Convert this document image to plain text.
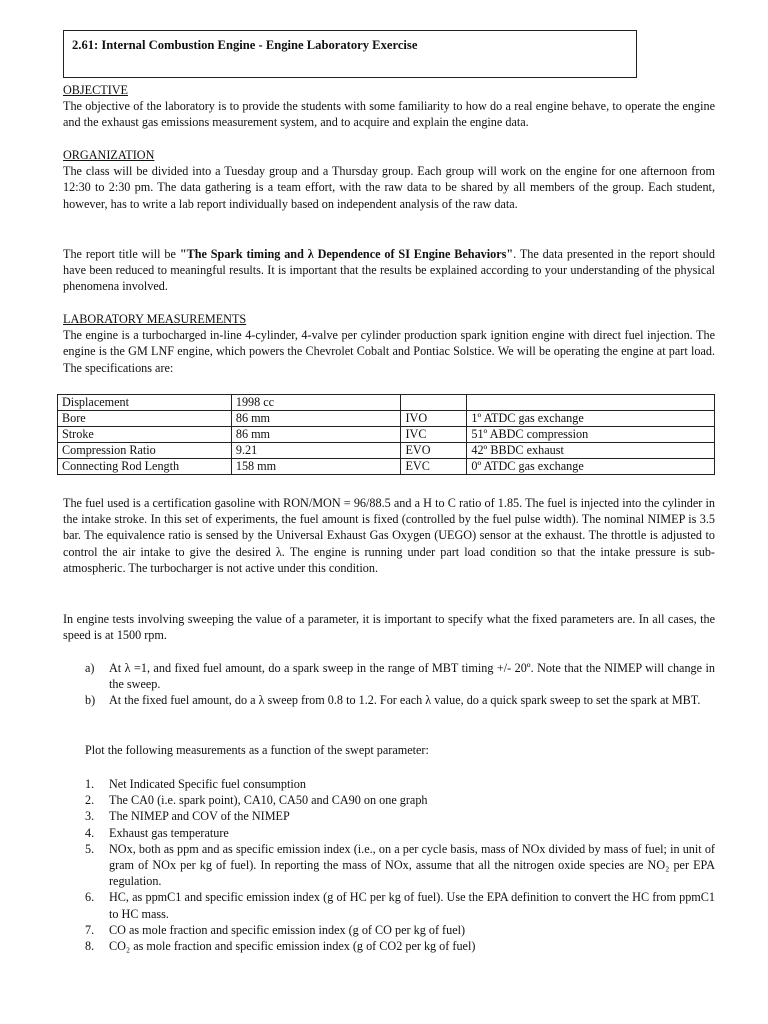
2.61: Internal Combustion Engine - Engine Laboratory Exercise
OBJECTIVE

The objective of the laboratory is to provide the students with some familiarity to how do a real engine behave, to operate the engine and the exhaust gas emissions measurement system, and to acquire and explain the engine data.

ORGANIZATION

The class will be divided into a Tuesday group and a Thursday group. Each group will work on the engine for one afternoon from 12:30 to 2:30 pm. The data gathering is a team effort, with the raw data to be shared by all members of the group. Each student, however, has to write a lab report individually based on independent analysis of the raw data.

The report title will be "The Spark timing and λ Dependence of SI Engine Behaviors". The data presented in the report should have been reduced to meaningful results. It is important that the results be explained according to your understanding of the physical phenomena involved.

LABORATORY MEASUREMENTS

The engine is a turbocharged in-line 4-cylinder, 4-valve per cylinder production spark ignition engine with direct fuel injection. The engine is the GM LNF engine, which powers the Chevrolet Cobalt and Pontiac Solstice. We will be operating the engine at part load. The specifications are:

Displacement	1998 cc		
Bore	86 mm	IVO	1º ATDC gas exchange
Stroke	86 mm	IVC	51º ABDC compression
Compression Ratio	9.21	EVO	42º BBDC exhaust
Connecting Rod Length	158 mm	EVC	0º ATDC gas exchange

The fuel used is a certification gasoline with RON/MON = 96/88.5 and a H to C ratio of 1.85. The fuel is injected into the cylinder in the intake stroke. In this set of experiments, the fuel amount is fixed (controlled by the fuel pulse width). The nominal NIMEP is 3.5 bar. The equivalence ratio is sensed by the Universal Exhaust Gas Oxygen (UEGO) sensor at the exhaust. The throttle is adjusted to control the air intake to give the desired λ. The engine is running under part load condition so that the intake pressure is sub-atmospheric. The turbocharger is not active under this condition.

In engine tests involving sweeping the value of a parameter, it is important to specify what the fixed parameters are. In all cases, the speed is at 1500 rpm.

a) At λ =1, and fixed fuel amount, do a spark sweep in the range of MBT timing +/- 20º. Note that the NIMEP will change in the sweep.
b) At the fixed fuel amount, do a λ sweep from 0.8 to 1.2. For each λ value, do a quick spark sweep to set the spark at MBT.

Plot the following measurements as a function of the swept parameter:

1. Net Indicated Specific fuel consumption
2. The CA0 (i.e. spark point), CA10, CA50 and CA90 on one graph
3. The NIMEP and COV of the NIMEP
4. Exhaust gas temperature
5. NOx, both as ppm and as specific emission index (i.e., on a per cycle basis, mass of NOx divided by mass of fuel; in unit of gram of NOx per kg of fuel). In reporting the mass of NOx, assume that all the nitrogen oxide species are NO₂ per EPA regulation.
6. HC, as ppmC1 and specific emission index (g of HC per kg of fuel). Use the EPA definition to convert the HC from ppmC1 to HC mass.
7. CO as mole fraction and specific emission index (g of CO per kg of fuel)
8. CO₂ as mole fraction and specific emission index (g of CO2 per kg of fuel)
